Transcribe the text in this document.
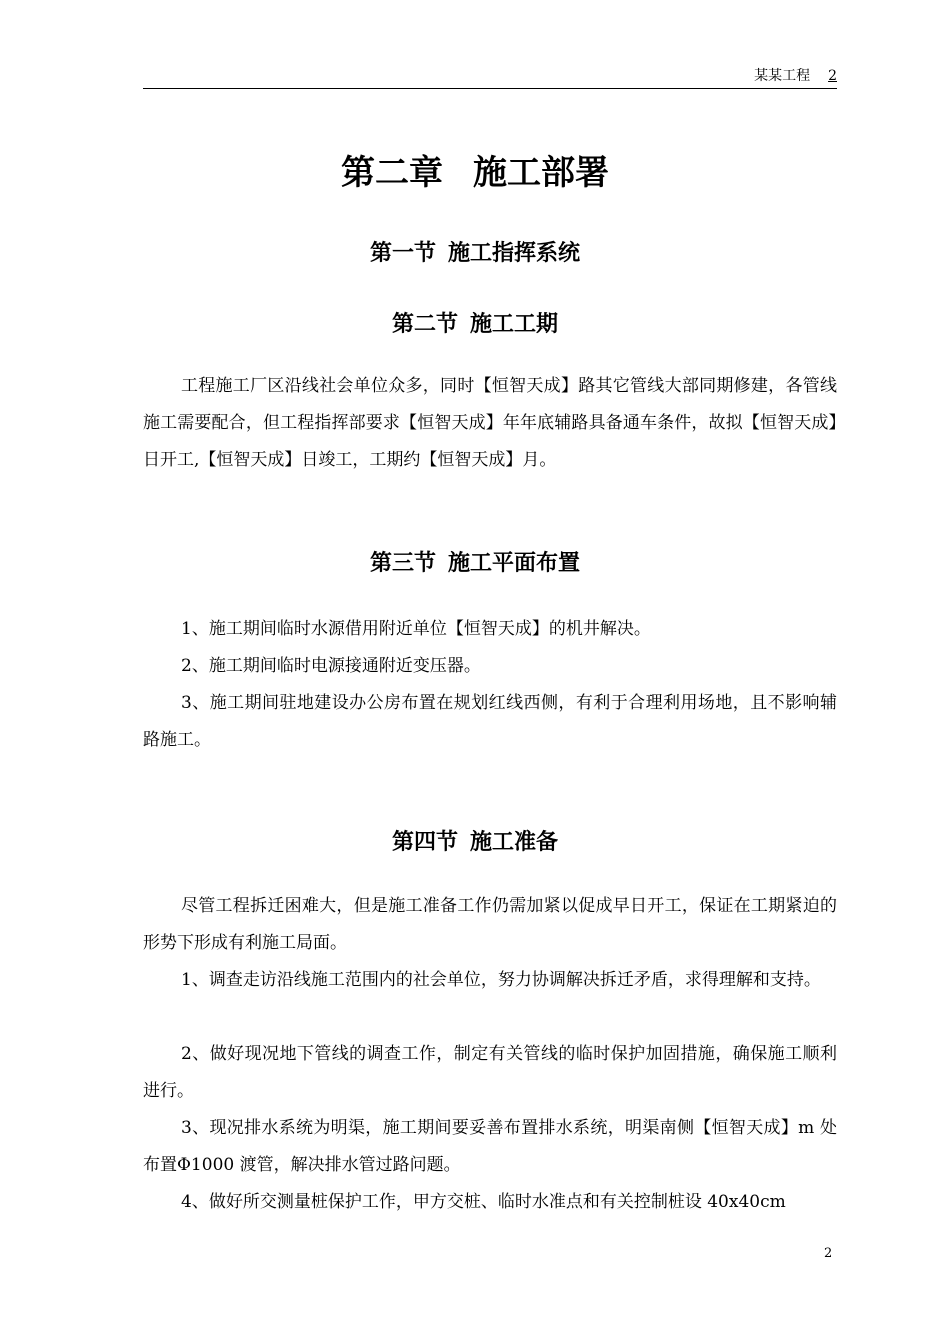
某某工程 2
第二章 施工部署
第一节 施工指挥系统
第二节 施工工期

工程施工厂区沿线社会单位众多，同时【恒智天成】路其它管线大部同期修建，各管线施工需要配合，但工程指挥部要求【恒智天成】年年底辅路具备通车条件，故拟【恒智天成】日开工,【恒智天成】日竣工，工期约【恒智天成】月。

第三节 施工平面布置

1、施工期间临时水源借用附近单位【恒智天成】的机井解决。

2、施工期间临时电源接通附近变压器。

3、施工期间驻地建设办公房布置在规划红线西侧，有利于合理利用场地，且不影响辅路施工。

第四节 施工准备

尽管工程拆迁困难大，但是施工准备工作仍需加紧以促成早日开工，保证在工期紧迫的形势下形成有利施工局面。

1、调查走访沿线施工范围内的社会单位，努力协调解决拆迁矛盾，求得理解和支持。

2、做好现况地下管线的调查工作，制定有关管线的临时保护加固措施，确保施工顺利进行。

3、现况排水系统为明渠，施工期间要妥善布置排水系统，明渠南侧【恒智天成】m 处布置Φ1000 渡管，解决排水管过路问题。

4、做好所交测量桩保护工作，甲方交桩、临时水准点和有关控制桩设 40x40cm

2
